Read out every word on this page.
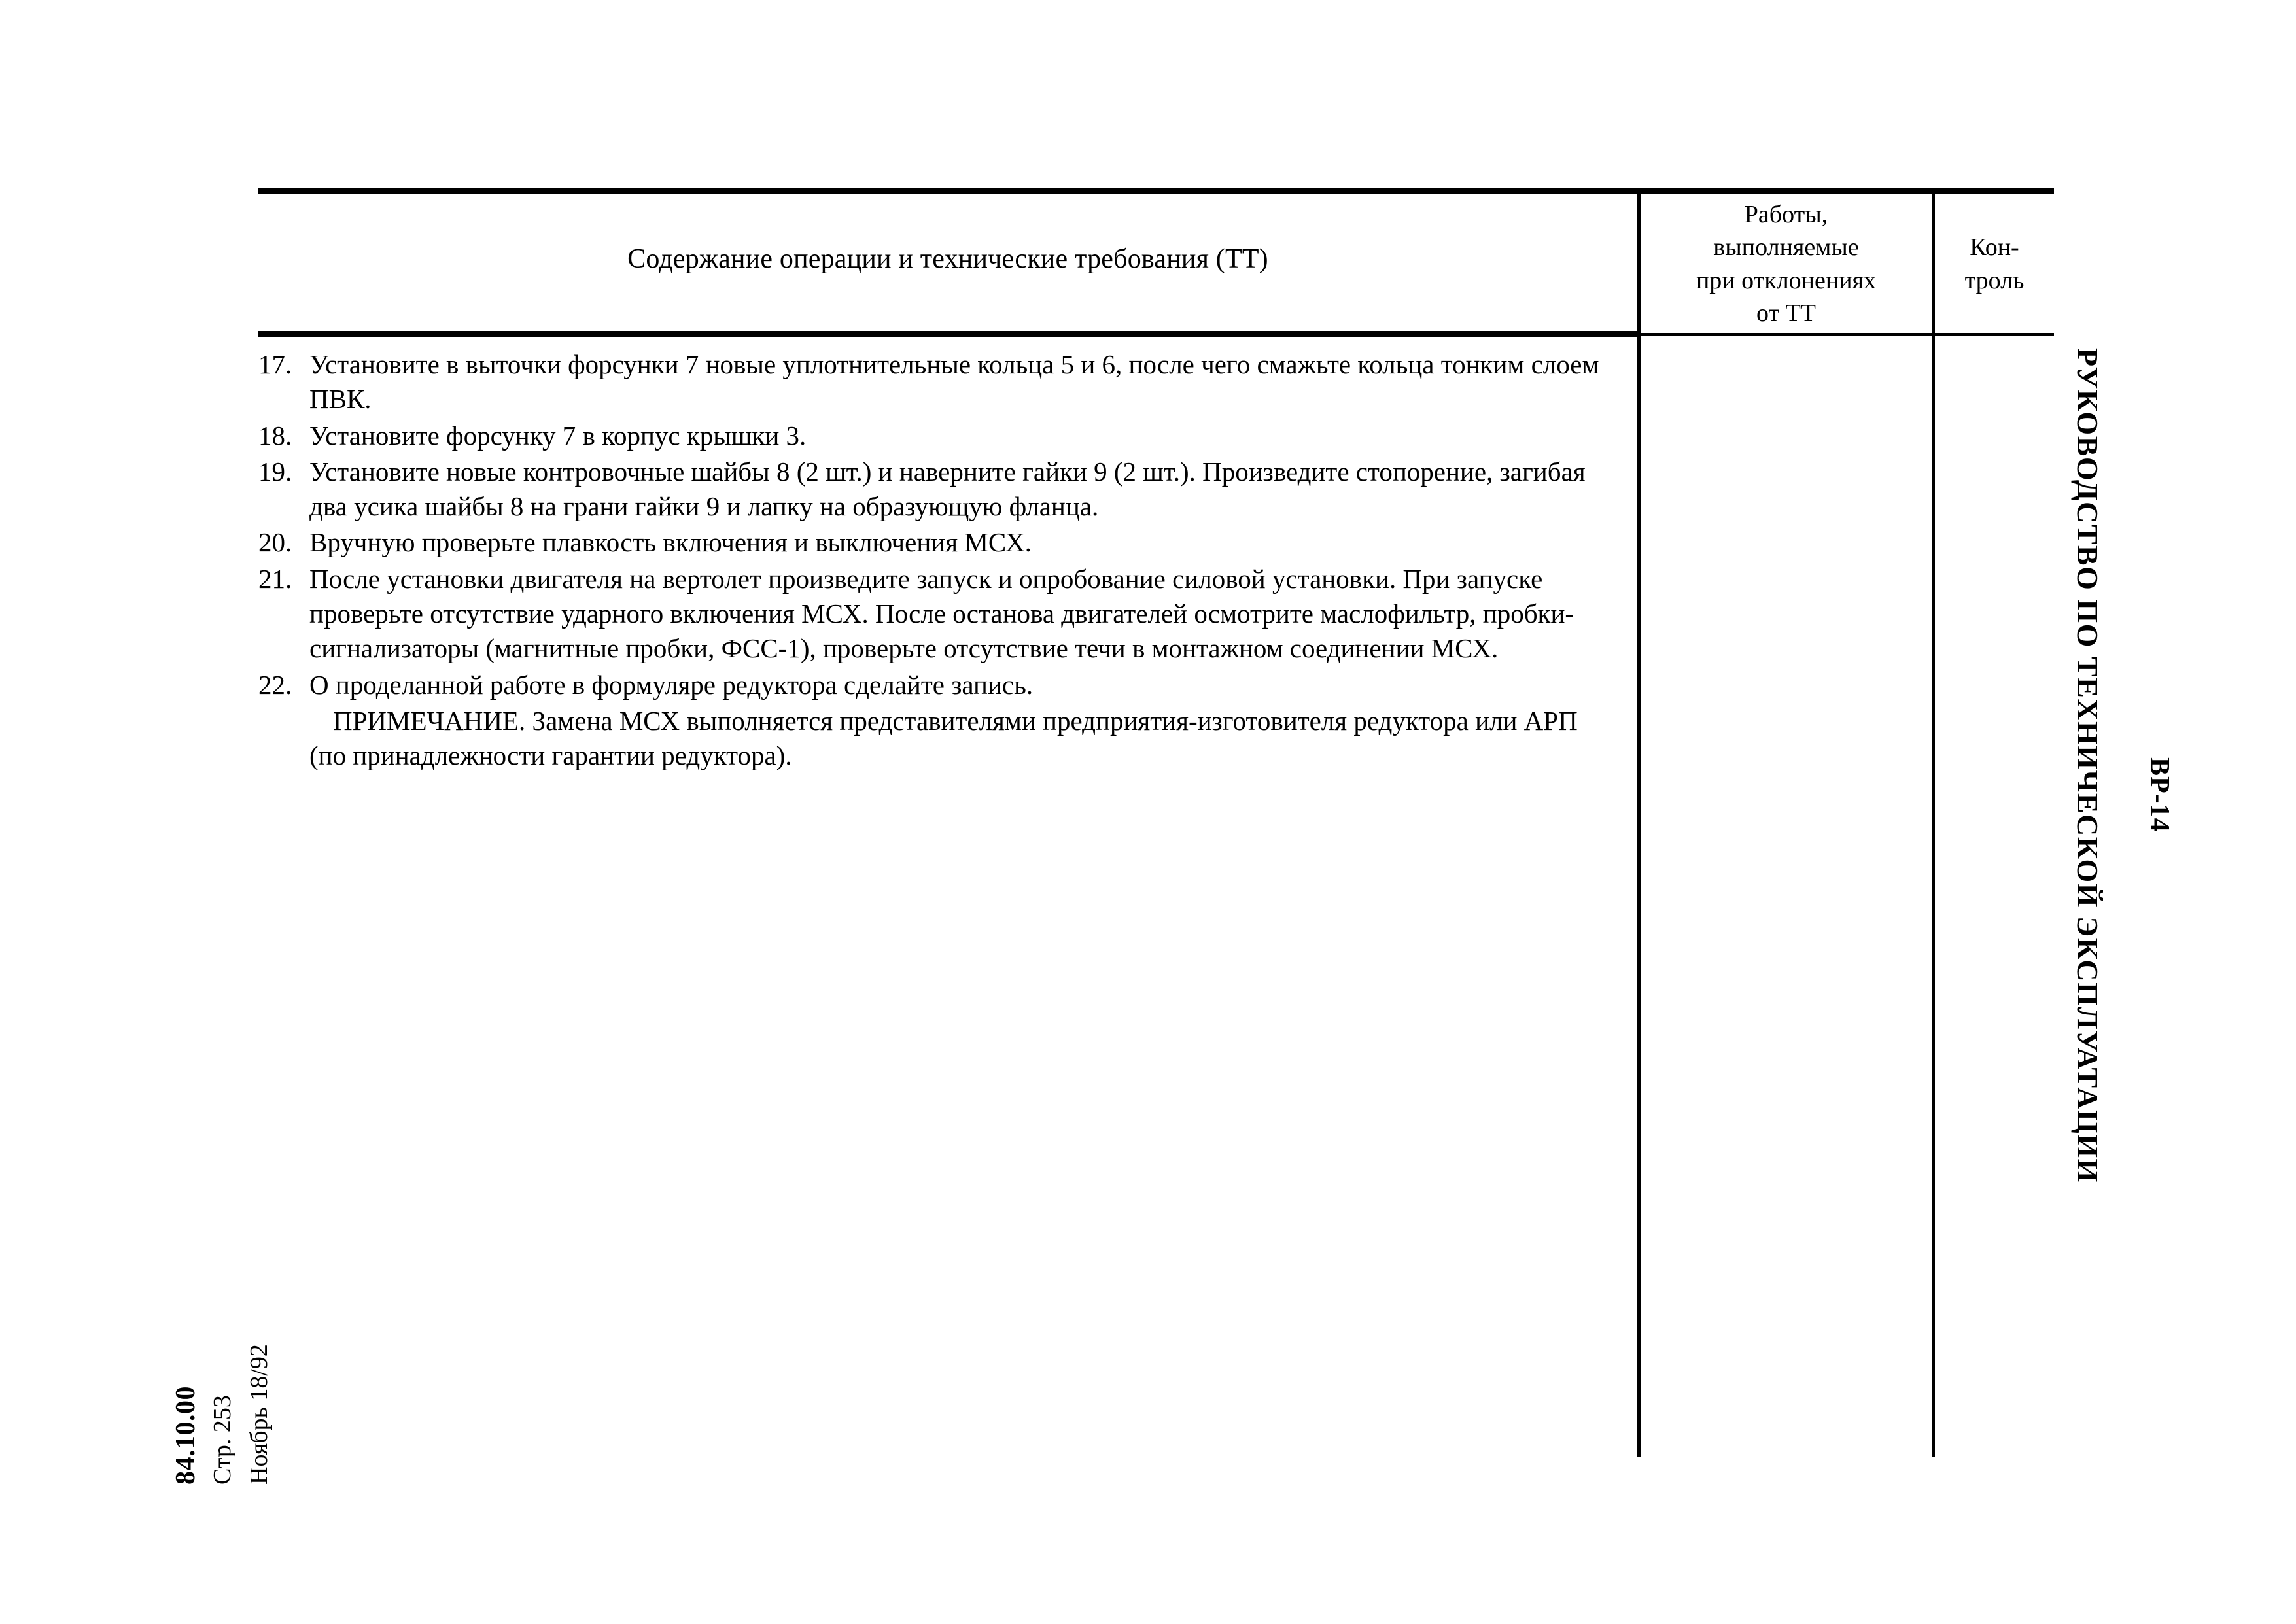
Содержание операции и технические требования (ТТ)
Работы,
выполняемые
при отклонениях
от ТТ
Кон-
троль
17. Установите в выточки форсунки 7 новые уплотнительные кольца 5 и 6, после чего смажьте кольца тонким слоем ПВК.
18. Установите форсунку 7 в корпус крышки 3.
19. Установите новые контровочные шайбы 8 (2 шт.) и наверните гайки 9 (2 шт.). Произведите стопорение, загибая два усика шайбы 8 на грани гайки 9 и лапку на образующую фланца.
20. Вручную проверьте плавкость включения и выключения МСХ.
21. После установки двигателя на вертолет произведите запуск и опробование силовой установки. При запуске проверьте отсутствие ударного включения МСХ. После останова двигателей осмотрите маслофильтр, пробки-сигнализаторы (магнитные пробки, ФСС-1), проверьте отсутствие течи в монтажном соединении МСХ.
22. О проделанной работе в формуляре редуктора сделайте запись.

ПРИМЕЧАНИЕ. Замена МСХ выполняется представителями предприятия-изготовителя редуктора или АРП (по принадлежности гарантии редуктора).	РУКОВОДСТВО ПО ТЕХНИЧЕСКОЙ ЭКСПЛУАТАЦИИ ВР-14
84.10.00 Стр. 253 Ноябрь 18/92
